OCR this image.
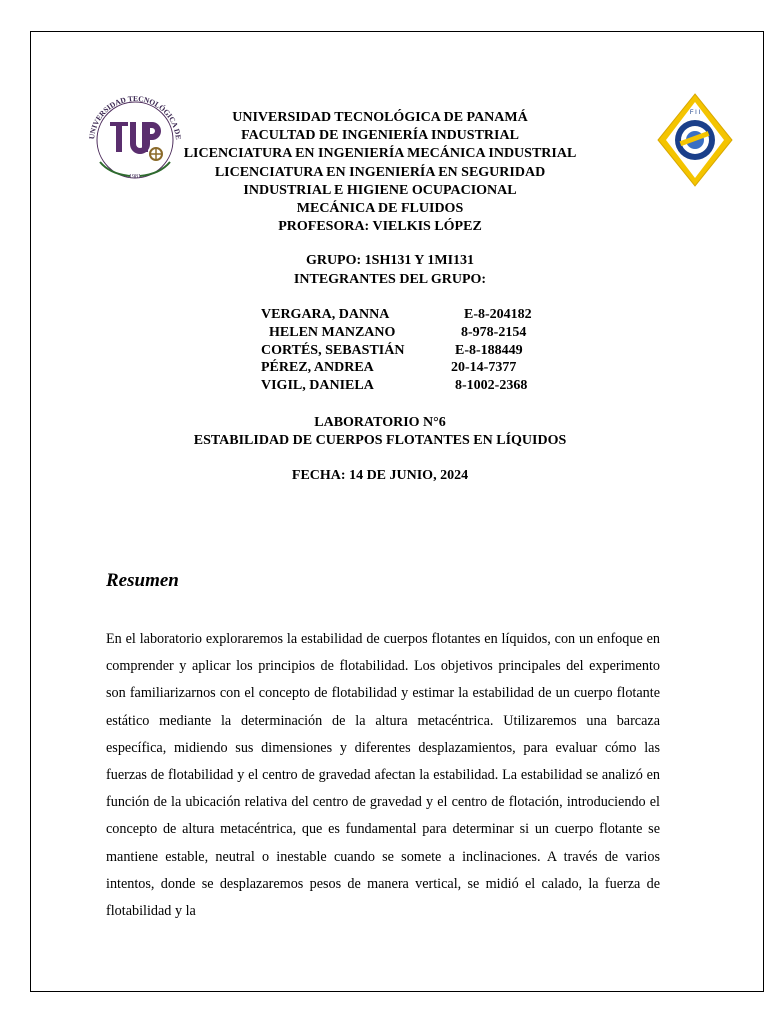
UNIVERSIDAD TECNOLÓGICA DE
1981
F I I
UNIVERSIDAD TECNOLÓGICA DE PANAMÁ
FACULTAD DE INGENIERÍA INDUSTRIAL
LICENCIATURA EN INGENIERÍA MECÁNICA INDUSTRIAL
LICENCIATURA EN INGENIERÍA EN SEGURIDAD
INDUSTRIAL E HIGIENE OCUPACIONAL
MECÁNICA DE FLUIDOS
PROFESORA: VIELKIS LÓPEZ
GRUPO: 1SH131 Y 1MI131
INTEGRANTES DEL GRUPO:
VERGARA, DANNA	E-8-204182
HELEN MANZANO	8-978-2154
CORTÉS, SEBASTIÁN	E-8-188449
PÉREZ, ANDREA	20-14-7377
VIGIL, DANIELA	8-1002-2368
LABORATORIO N°6
ESTABILIDAD DE CUERPOS FLOTANTES EN LÍQUIDOS
FECHA: 14 DE JUNIO, 2024
Resumen
En el laboratorio exploraremos la estabilidad de cuerpos flotantes en líquidos, con un enfoque en comprender y aplicar los principios de flotabilidad. Los objetivos principales del experimento son familiarizarnos con el concepto de flotabilidad y estimar la estabilidad de un cuerpo flotante estático mediante la determinación de la altura metacéntrica. Utilizaremos una barcaza específica, midiendo sus dimensiones y diferentes desplazamientos, para evaluar cómo las fuerzas de flotabilidad y el centro de gravedad afectan la estabilidad. La estabilidad se analizó en función de la ubicación relativa del centro de gravedad y el centro de flotación, introduciendo el concepto de altura metacéntrica, que es fundamental para determinar si un cuerpo flotante se mantiene estable, neutral o inestable cuando se somete a inclinaciones. A través de varios intentos, donde se desplazaremos pesos de manera vertical, se midió el calado, la fuerza de flotabilidad y la
